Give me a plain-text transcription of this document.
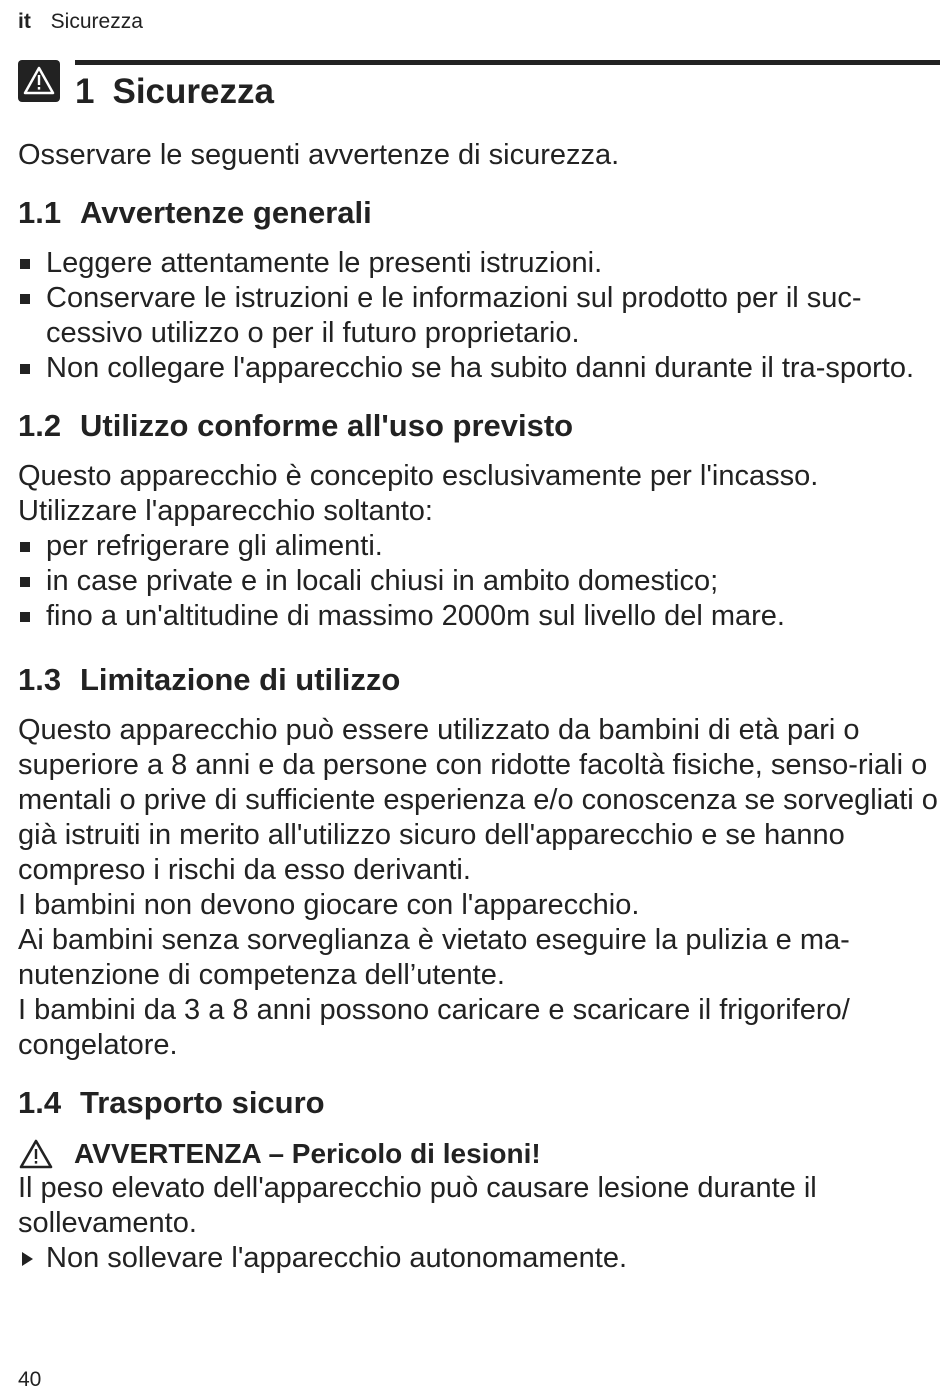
it Sicurezza
1 Sicurezza

Osservare le seguenti avvertenze di sicurezza.

1.1 Avvertenze generali
Leggere attentamente le presenti istruzioni.
Conservare le istruzioni e le informazioni sul prodotto per il suc-cessivo utilizzo o per il futuro proprietario.
Non collegare l'apparecchio se ha subito danni durante il tra-sporto.
1.2 Utilizzo conforme all'uso previsto

Questo apparecchio è concepito esclusivamente per l'incasso.

Utilizzare l'apparecchio soltanto:

per refrigerare gli alimenti.
in case private e in locali chiusi in ambito domestico;
fino a un'altitudine di massimo 2000m sul livello del mare.
1.3 Limitazione di utilizzo

Questo apparecchio può essere utilizzato da bambini di età pari o superiore a 8 anni e da persone con ridotte facoltà fisiche, senso-riali o mentali o prive di sufficiente esperienza e/o conoscenza se sorvegliati o già istruiti in merito all'utilizzo sicuro dell'apparecchio e se hanno compreso i rischi da esso derivanti.

I bambini non devono giocare con l'apparecchio.

Ai bambini senza sorveglianza è vietato eseguire la pulizia e ma-nutenzione di competenza dell’utente.

I bambini da 3 a 8 anni possono caricare e scaricare il frigorifero/ congelatore.

1.4 Trasporto sicuro
AVVERTENZA – Pericolo di lesioni!

Il peso elevato dell'apparecchio può causare lesione durante il sollevamento.

Non sollevare l'apparecchio autonomamente.
40
